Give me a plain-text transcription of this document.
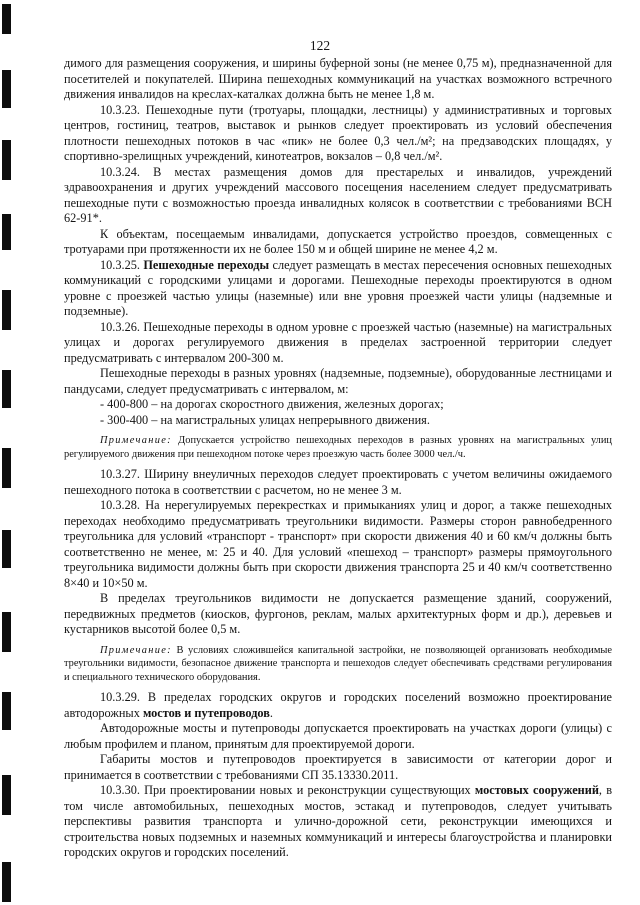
122

димого для размещения сооружения, и ширины буферной зоны (не менее 0,75 м), предназначенной для посетителей и покупателей. Ширина пешеходных коммуникаций на участках возможного встречного движения инвалидов на креслах-каталках должна быть не менее 1,8 м.

10.3.23. Пешеходные пути (тротуары, площадки, лестницы) у административных и торговых центров, гостиниц, театров, выставок и рынков следует проектировать из условий обеспечения плотности пешеходных потоков в час «пик» не более 0,3 чел./м²; на предзаводских площадях, у спортивно-зрелищных учреждений, кинотеатров, вокзалов – 0,8 чел./м².

10.3.24. В местах размещения домов для престарелых и инвалидов, учреждений здравоохранения и других учреждений массового посещения населением следует предусматривать пешеходные пути с возможностью проезда инвалидных колясок в соответствии с требованиями ВСН 62-91*.

К объектам, посещаемым инвалидами, допускается устройство проездов, совмещенных с тротуарами при протяженности их не более 150 м и общей ширине не менее 4,2 м.

10.3.25. Пешеходные переходы следует размещать в местах пересечения основных пешеходных коммуникаций с городскими улицами и дорогами. Пешеходные переходы проектируются в одном уровне с проезжей частью улицы (наземные) или вне уровня проезжей части улицы (надземные и подземные).

10.3.26. Пешеходные переходы в одном уровне с проезжей частью (наземные) на магистральных улицах и дорогах регулируемого движения в пределах застроенной территории следует предусматривать с интервалом 200-300 м.

Пешеходные переходы в разных уровнях (надземные, подземные), оборудованные лестницами и пандусами, следует предусматривать с интервалом, м:

- 400-800 – на дорогах скоростного движения, железных дорогах;

- 300-400 – на магистральных улицах непрерывного движения.

Примечание: Допускается устройство пешеходных переходов в разных уровнях на магистральных улиц регулируемого движения при пешеходном потоке через проезжую часть более 3000 чел./ч.

10.3.27. Ширину внеуличных переходов следует проектировать с учетом величины ожидаемого пешеходного потока в соответствии с расчетом, но не менее 3 м.

10.3.28. На нерегулируемых перекрестках и примыканиях улиц и дорог, а также пешеходных переходах необходимо предусматривать треугольники видимости. Размеры сторон равнобедренного треугольника для условий «транспорт - транспорт» при скорости движения 40 и 60 км/ч должны быть соответственно не менее, м: 25 и 40. Для условий «пешеход – транспорт» размеры прямоугольного треугольника видимости должны быть при скорости движения транспорта 25 и 40 км/ч соответственно 8×40 и 10×50 м.

В пределах треугольников видимости не допускается размещение зданий, сооружений, передвижных предметов (киосков, фургонов, реклам, малых архитектурных форм и др.), деревьев и кустарников высотой более 0,5 м.

Примечание: В условиях сложившейся капитальной застройки, не позволяющей организовать необходимые треугольники видимости, безопасное движение транспорта и пешеходов следует обеспечивать средствами регулирования и специального технического оборудования.

10.3.29. В пределах городских округов и городских поселений возможно проектирование автодорожных мостов и путепроводов.

Автодорожные мосты и путепроводы допускается проектировать на участках дороги (улицы) с любым профилем и планом, принятым для проектируемой дороги.

Габариты мостов и путепроводов проектируется в зависимости от категории дорог и принимается в соответствии с требованиями СП 35.13330.2011.

10.3.30. При проектировании новых и реконструкции существующих мостовых сооружений, в том числе автомобильных, пешеходных мостов, эстакад и путепроводов, следует учитывать перспективы развития транспорта и улично-дорожной сети, реконструкции имеющихся и строительства новых подземных и наземных коммуникаций и интересы благоустройства и планировки городских округов и городских поселений.
